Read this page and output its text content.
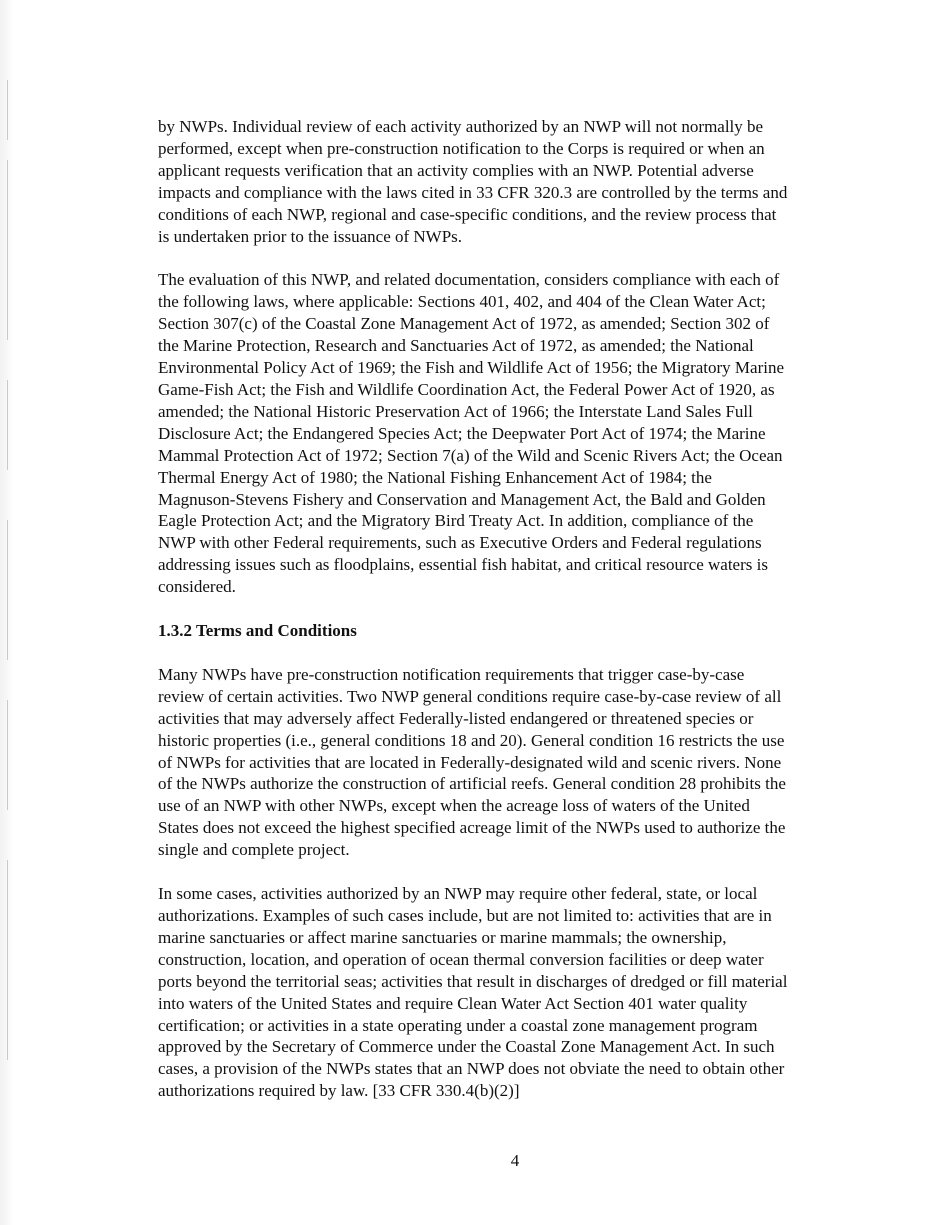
by NWPs. Individual review of each activity authorized by an NWP will not normally be
performed, except when pre-construction notification to the Corps is required or when an
applicant requests verification that an activity complies with an NWP. Potential adverse
impacts and compliance with the laws cited in 33 CFR 320.3 are controlled by the terms and
conditions of each NWP, regional and case-specific conditions, and the review process that
is undertaken prior to the issuance of NWPs.

The evaluation of this NWP, and related documentation, considers compliance with each of
the following laws, where applicable: Sections 401, 402, and 404 of the Clean Water Act;
Section 307(c) of the Coastal Zone Management Act of 1972, as amended; Section 302 of
the Marine Protection, Research and Sanctuaries Act of 1972, as amended; the National
Environmental Policy Act of 1969; the Fish and Wildlife Act of 1956; the Migratory Marine
Game-Fish Act; the Fish and Wildlife Coordination Act, the Federal Power Act of 1920, as
amended; the National Historic Preservation Act of 1966; the Interstate Land Sales Full
Disclosure Act; the Endangered Species Act; the Deepwater Port Act of 1974; the Marine
Mammal Protection Act of 1972; Section 7(a) of the Wild and Scenic Rivers Act; the Ocean
Thermal Energy Act of 1980; the National Fishing Enhancement Act of 1984; the
Magnuson-Stevens Fishery and Conservation and Management Act, the Bald and Golden
Eagle Protection Act; and the Migratory Bird Treaty Act. In addition, compliance of the
NWP with other Federal requirements, such as Executive Orders and Federal regulations
addressing issues such as floodplains, essential fish habitat, and critical resource waters is
considered.

1.3.2 Terms and Conditions

Many NWPs have pre-construction notification requirements that trigger case-by-case
review of certain activities. Two NWP general conditions require case-by-case review of all
activities that may adversely affect Federally-listed endangered or threatened species or
historic properties (i.e., general conditions 18 and 20). General condition 16 restricts the use
of NWPs for activities that are located in Federally-designated wild and scenic rivers. None
of the NWPs authorize the construction of artificial reefs. General condition 28 prohibits the
use of an NWP with other NWPs, except when the acreage loss of waters of the United
States does not exceed the highest specified acreage limit of the NWPs used to authorize the
single and complete project.

In some cases, activities authorized by an NWP may require other federal, state, or local
authorizations. Examples of such cases include, but are not limited to: activities that are in
marine sanctuaries or affect marine sanctuaries or marine mammals; the ownership,
construction, location, and operation of ocean thermal conversion facilities or deep water
ports beyond the territorial seas; activities that result in discharges of dredged or fill material
into waters of the United States and require Clean Water Act Section 401 water quality
certification; or activities in a state operating under a coastal zone management program
approved by the Secretary of Commerce under the Coastal Zone Management Act. In such
cases, a provision of the NWPs states that an NWP does not obviate the need to obtain other
authorizations required by law. [33 CFR 330.4(b)(2)]

4
